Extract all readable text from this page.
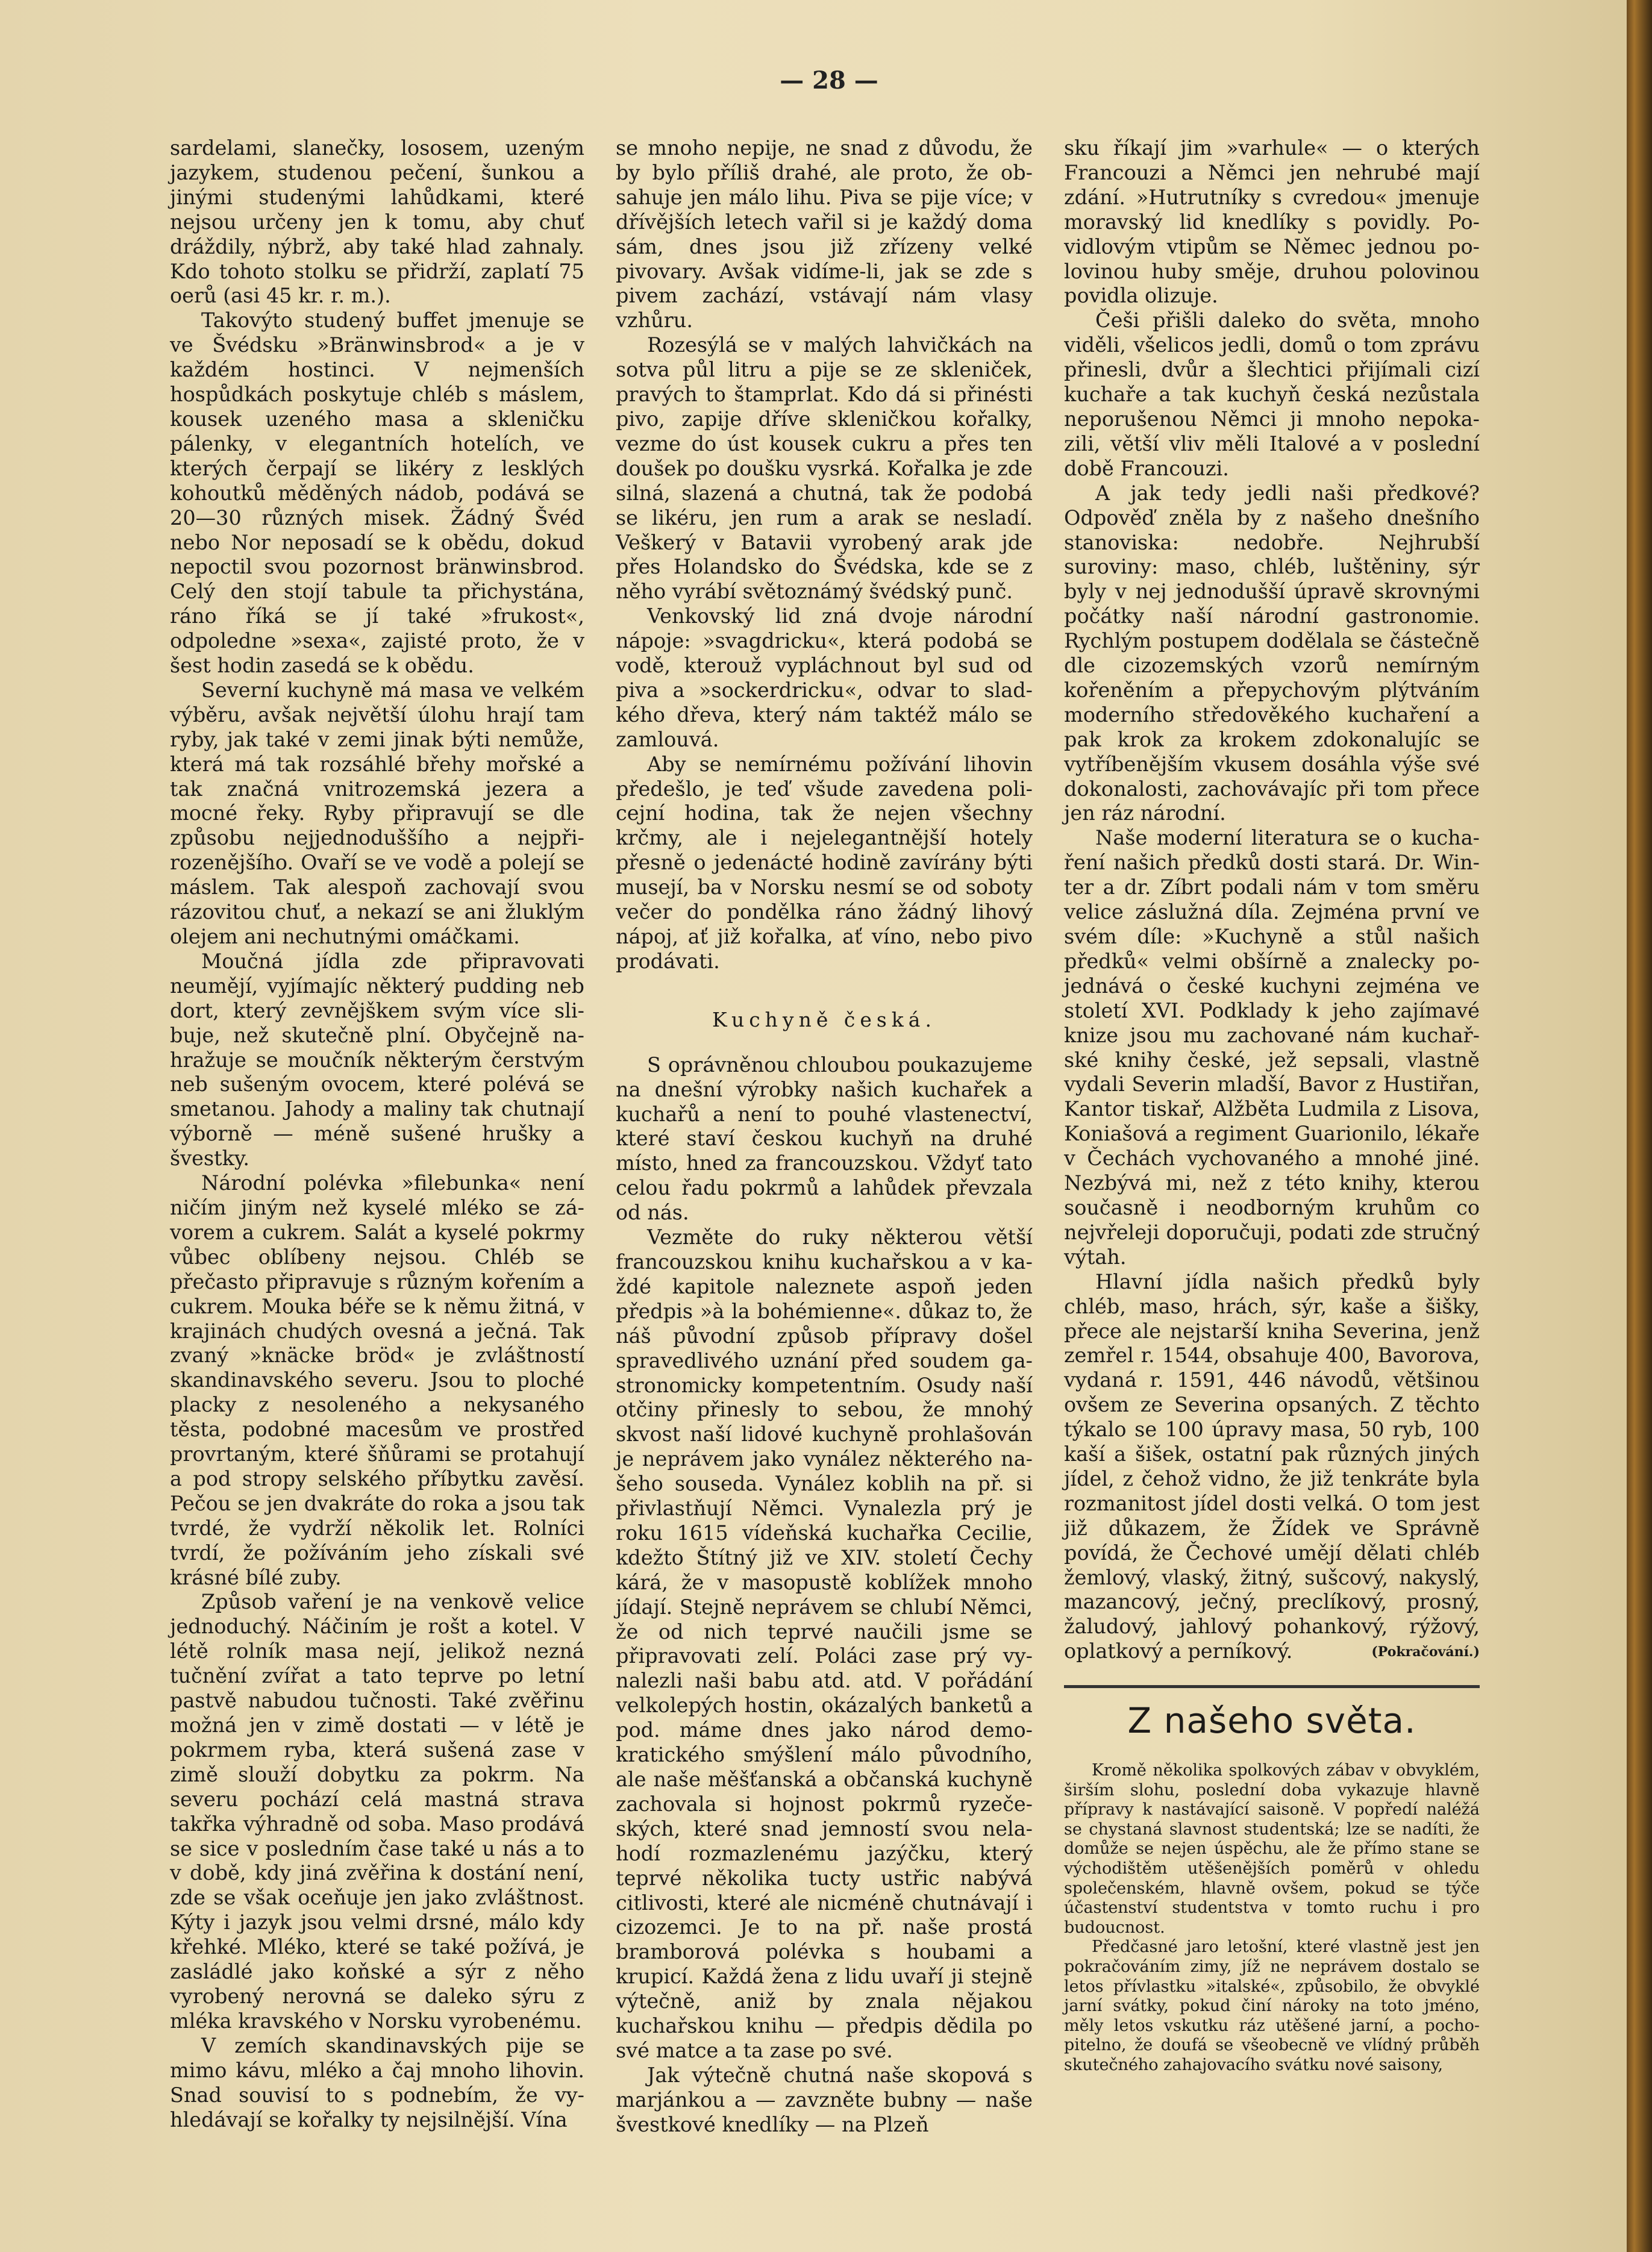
— 28 —

sardelami, slanečky, lososem, uzeným jazykem, studenou pečení, šunkou a jinými studenými lahůdkami, které nejsou určeny jen k tomu, aby chuť dráždily, nýbrž, aby také hlad zahnaly. Kdo tohoto stolku se přidrží, zaplatí 75 oerů (asi 45 kr. r. m.).

Takovýto studený buffet jmenuje se ve Švédsku »Bränwinsbrod« a je v každém hostinci. V nejmenších hospůdkách poskytuje chléb s máslem, kousek uzeného masa a skleničku pálenky, v elegantních hotelích, ve kterých čerpají se likéry z lesklých kohoutků měděných nádob, podává se 20—30 různých misek. Žádný Švéd nebo Nor neposadí se k obědu, dokud nepoctil svou pozornost bränwinsbrod. Celý den stojí tabule ta přichystána, ráno říká se jí také »frukost«, odpoledne »sexa«, zajisté proto, že v šest hodin zasedá se k obědu.

Severní kuchyně má masa ve velkém výběru, avšak největší úlohu hrají tam ryby, jak také v zemi jinak býti nemůže, která má tak rozsáhlé břehy mořské a tak značná vnitrozemská jezera a mocné řeky. Ryby připravují se dle způsobu nejjednoduššího a nejpřirozenějšího. Ovaří se ve vodě a polejí se máslem. Tak alespoň zachovají svou rázovitou chuť, a nekazí se ani žluklým olejem ani nechutnými omáčkami.

Moučná jídla zde připravovati neumějí, vyjímajíc některý pudding neb dort, který zevnějškem svým více slibuje, než skutečně plní. Obyčejně nahražuje se moučník některým čerstvým neb sušeným ovocem, které polévá se smetanou. Jahody a maliny tak chutnají výborně — méně sušené hrušky a švestky.

Národní polévka »filebunka« není ničím jiným než kyselé mléko se závorem a cukrem. Salát a kyselé pokrmy vůbec oblíbeny nejsou. Chléb se přečasto připravuje s různým kořením a cukrem. Mouka béře se k němu žitná, v krajinách chudých ovesná a ječná. Tak zvaný »knäcke bröd« je zvláštností skandinavského severu. Jsou to ploché placky z nesoleného a nekysaného těsta, podobné macesům ve prostřed provrtaným, které šňůrami se protahují a pod stropy selského příbytku zavěsí. Pečou se jen dvakráte do roka a jsou tak tvrdé, že vydrží několik let. Rolníci tvrdí, že požíváním jeho získali své krásné bílé zuby.

Způsob vaření je na venkově velice jednoduchý. Náčiním je rošt a kotel. V létě rolník masa nejí, jelikož nezná tučnění zvířat a tato teprve po letní pastvě nabudou tučnosti. Také zvěřinu možná jen v zimě dostati — v létě je pokrmem ryba, která sušená zase v zimě slouží dobytku za pokrm. Na severu pochází celá mastná strava takřka výhradně od soba. Maso prodává se sice v posledním čase také u nás a to v době, kdy jiná zvěřina k dostání není, zde se však oceňuje jen jako zvláštnost. Kýty i jazyk jsou velmi drsné, málo kdy křehké. Mléko, které se také požívá, je zasládlé jako koňské a sýr z něho vyrobený nerovná se daleko sýru z mléka kravského v Norsku vyrobenému.

V zemích skandinavských pije se mimo kávu, mléko a čaj mnoho lihovin. Snad souvisí to s podnebím, že vyhledávají se kořalky ty nejsilnější. Vína

se mnoho nepije, ne snad z důvodu, že by bylo příliš drahé, ale proto, že obsahuje jen málo lihu. Piva se pije více; v dřívějších letech vařil si je každý doma sám, dnes jsou již zřízeny velké pivovary. Avšak vidíme-li, jak se zde s pivem zachází, vstávají nám vlasy vzhůru.

Rozesýlá se v malých lahvičkách na sotva půl litru a pije se ze skleniček, pravých to štamprlat. Kdo dá si přinésti pivo, zapije dříve skleničkou kořalky, vezme do úst kousek cukru a přes ten doušek po doušku vysrká. Kořalka je zde silná, slazená a chutná, tak že podobá se likéru, jen rum a arak se nesladí. Veškerý v Batavii vyrobený arak jde přes Holandsko do Švédska, kde se z něho vyrábí světoznámý švédský punč.

Venkovský lid zná dvoje národní nápoje: »svagdricku«, která podobá se vodě, kterouž vypláchnout byl sud od piva a »sockerdricku«, odvar to sladkého dřeva, který nám taktéž málo se zamlouvá.

Aby se nemírnému požívání lihovin předešlo, je teď všude zavedena policejní hodina, tak že nejen všechny krčmy, ale i nejelegantnější hotely přesně o jedenácté hodině zavírány býti musejí, ba v Norsku nesmí se od soboty večer do pondělka ráno žádný lihový nápoj, ať již kořalka, ať víno, nebo pivo prodávati.

Kuchyně česká.

S oprávněnou chloubou poukazujeme na dnešní výrobky našich kuchařek a kuchařů a není to pouhé vlastenectví, které staví českou kuchyň na druhé místo, hned za francouzskou. Vždyť tato celou řadu pokrmů a lahůdek převzala od nás.

Vezměte do ruky některou větší francouzskou knihu kuchařskou a v každé kapitole naleznete aspoň jeden předpis »à la bohémienne«. důkaz to, že náš původní způsob přípravy došel spravedlivého uznání před soudem gastronomicky kompetentním. Osudy naší otčiny přinesly to sebou, že mnohý skvost naší lidové kuchyně prohlašován je neprávem jako vynález některého našeho souseda. Vynález koblih na př. si přivlastňují Němci. Vynalezla prý je roku 1615 vídeňská kuchařka Cecilie, kdežto Štítný již ve XIV. století Čechy kárá, že v masopustě koblížek mnoho jídají. Stejně neprávem se chlubí Němci, že od nich teprvé naučili jsme se připravovati zelí. Poláci zase prý vynalezli naši babu atd. atd. V pořádání velkolepých hostin, okázalých banketů a pod. máme dnes jako národ demokratického smýšlení málo původního, ale naše měšťanská a občanská kuchyně zachovala si hojnost pokrmů ryzečeských, které snad jemností svou nelahodí rozmazlenému jazýčku, který teprvé několika tucty ustřic nabývá citlivosti, které ale nicméně chutnávají i cizozemci. Je to na př. naše prostá bramborová polévka s houbami a krupicí. Každá žena z lidu uvaří ji stejně výtečně, aniž by znala nějakou kuchařskou knihu — předpis dědila po své matce a ta zase po své.

Jak výtečně chutná naše skopová s marjánkou a — zavzněte bubny — naše švestkové knedlíky — na Plzeň

sku říkají jim »varhule« — o kterých Francouzi a Němci jen nehrubé mají zdání. »Hutrutníky s cvredou« jmenuje moravský lid knedlíky s povidly. Povidlovým vtipům se Němec jednou polovinou huby směje, druhou polovinou povidla olizuje.

Češi přišli daleko do světa, mnoho viděli, všelicos jedli, domů o tom zprávu přinesli, dvůr a šlechtici přijímali cizí kuchaře a tak kuchyň česká nezůstala neporušenou Němci ji mnoho nepokazili, větší vliv měli Italové a v poslední době Francouzi.

A jak tedy jedli naši předkové? Odpověď zněla by z našeho dnešního stanoviska: nedobře. Nejhrubší suroviny: maso, chléb, luštěniny, sýr byly v nej jednodušší úpravě skrovnými počátky naší národní gastronomie. Rychlým postupem dodělala se částečně dle cizozemských vzorů nemírným kořeněním a přepychovým plýtváním moderního středověkého kuchaření a pak krok za krokem zdokonalujíc se vytříbenějším vkusem dosáhla výše své dokonalosti, zachovávajíc při tom přece jen ráz národní.

Naše moderní literatura se o kuchaření našich předků dosti stará. Dr. Winter a dr. Zíbrt podali nám v tom směru velice záslužná díla. Zejména první ve svém díle: »Kuchyně a stůl našich předků« velmi obšírně a znalecky pojednává o české kuchyni zejména ve století XVI. Podklady k jeho zajímavé knize jsou mu zachované nám kuchařské knihy české, jež sepsali, vlastně vydali Severin mladší, Bavor z Hustiřan, Kantor tiskař, Alžběta Ludmila z Lisova, Koniašová a regiment Guarionilo, lékaře v Čechách vychovaného a mnohé jiné. Nezbývá mi, než z této knihy, kterou současně i neodborným kruhům co nejvřeleji doporučuji, podati zde stručný výtah.

Hlavní jídla našich předků byly chléb, maso, hrách, sýr, kaše a šišky, přece ale nejstarší kniha Severina, jenž zemřel r. 1544, obsahuje 400, Bavorova, vydaná r. 1591, 446 návodů, většinou ovšem ze Severina opsaných. Z těchto týkalo se 100 úpravy masa, 50 ryb, 100 kaší a šišek, ostatní pak různých jiných jídel, z čehož vidno, že již tenkráte byla rozmanitost jídel dosti velká. O tom jest již důkazem, že Žídek ve Správně povídá, že Čechové umějí dělati chléb žemlový, vlaský, žitný, sušcový, nakyslý, mazancový, ječný, preclíkový, prosný, žaludový, jahlový pohankový, rýžový, oplatkový a perníkový.	(Pokračování.)
Z našeho světa.

Kromě několika spolkových zábav v obvyklém, širším slohu, poslední doba vykazuje hlavně přípravy k nastávající saisoně. V popředí naléžá se chystaná slavnost studentská; lze se nadíti, že domůže se nejen úspěchu, ale že přímo stane se východištěm utěšenějších poměrů v ohledu společenském, hlavně ovšem, pokud se týče účastenství studentstva v tomto ruchu i pro budoucnost.

Předčasné jaro letošní, které vlastně jest jen pokračováním zimy, jíž ne neprávem dostalo se letos přívlastku »italské«, způsobilo, že obvyklé jarní svátky, pokud činí nároky na toto jméno, měly letos vskutku ráz utěšené jarní, a pochopitelno, že doufá se všeobecně ve vlídný průběh skutečného zahajovacího svátku nové saisony,
